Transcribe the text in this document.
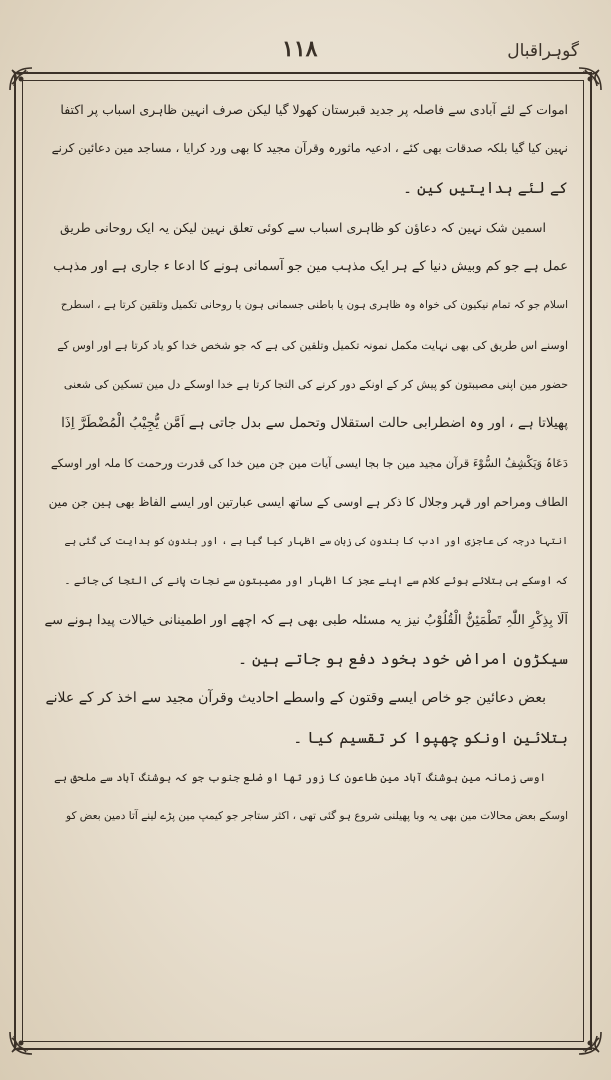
۱۱۸	گوہراقبال
اموات کے لئے آبادی سے فاصلہ پر جدید قبرستان کھولا گیا لیکن صرف انہین ظاہری اسباب پر اکتفا
نہین کیا گیا بلکہ صدقات بھی کئے ، ادعیہ ماثورہ وقرآن مجید کا بھی ورد کرایا ، مساجد مین دعائین کرنے
کے لئے ہدایتیں کین ۔
اسمین شک نہین کہ دعاؤن کو ظاہری اسباب سے کوئی تعلق نہین لیکن یہ ایک روحانی طریق
عمل ہے جو کم وبیش دنیا کے ہر ایک مذہب مین جو آسمانی ہونے کا ادعا ء جاری ہے اور مذہب
اسلام جو کہ تمام نیکیون کی خواہ وہ ظاہری ہون یا باطنی جسمانی ہون یا روحانی تکمیل وتلقین کرتا ہے ، اسطرح
اوسنے اس طریق کی بھی نہایت مکمل نمونہ تکمیل وتلقین کی ہے کہ جو شخص خدا کو یاد کرتا ہے اور اوس کے
حضور مین اپنی مصیبتون کو پیش کر کے اونکے دور کرنے کی التجا کرتا ہے خدا اوسکے دل مین تسکین کی شعنی
پھیلاتا ہے ، اور وہ اضطرابی حالت استقلال وتحمل سے بدل جاتی ہے اَمَّن یُّجِیْبُ الْمُضْطَرَّ اِذَا
دَعَاہُ وَیَکْشِفُ السُّوْءَ قرآن مجید مین جا بجا ایسی آیات مین جن مین خدا کی قدرت ورحمت کا ملہ اور اوسکے
الطاف ومراحم اور قہر وجلال کا ذکر ہے اوسی کے ساتھ ایسی عبارتین اور ایسے الفاظ بھی ہین جن مین
انتہا درجہ کی عاجزی اور ادب کا بندون کی زبان سے اظہار کیا گیا ہے ، اور بندون کو ہدایت کی گئی ہے
کہ اوسکے ہی بتلائے ہوئے کلام سے اپنے عجز کا اظہار اور مصیبتون سے نجات پانے کی التجا کی جائے ۔
اَلَا بِذِکْرِ اللّٰہِ تَطْمَئِنُّ الْقُلُوْبُ نیز یہ مسئلہ طبی بھی ہے کہ اچھے اور اطمینانی خیالات پیدا ہونے سے
سیکڑون امراض خود بخود دفع ہو جاتے ہین ۔
بعض دعائین جو خاص ایسے وقتون کے واسطے احادیث وقرآن مجید سے اخذ کر کے علانے
بتلائین اونکو چھپوا کر تقسیم کیا ۔
اوسی زمانہ مین ہوشنگ آباد مین طاعون کا زور تھا او ضلع جنوب جو کہ ہوشنگ آباد سے ملحق ہے
اوسکے بعض محالات مین بھی یہ وبا پھیلنی شروع ہو گئی تھی ، اکثر ستاجر جو کیمپ مین پڑے لینے آتا دمین بعض کو
